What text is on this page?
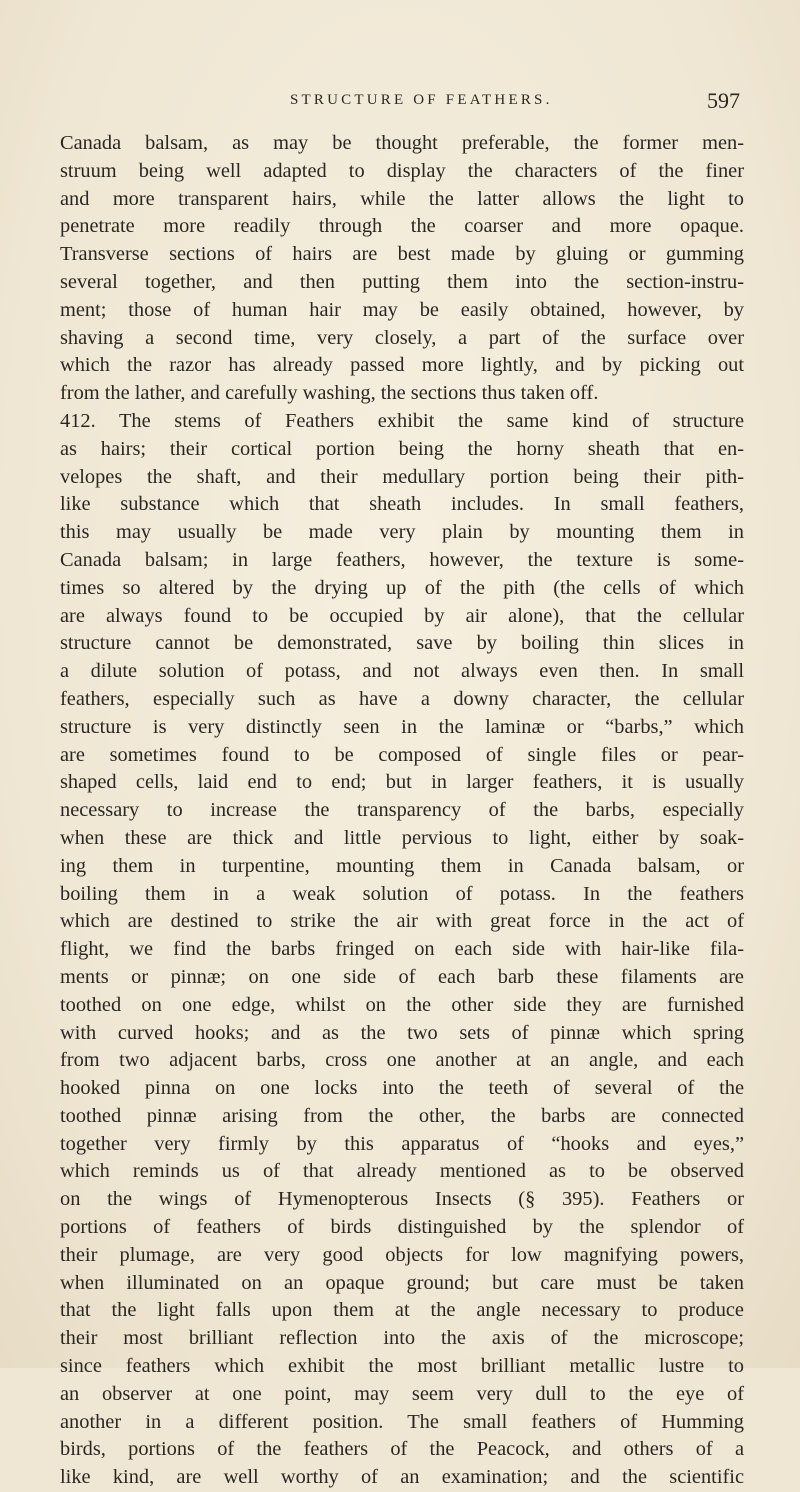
STRUCTURE OF FEATHERS.	597
Canada balsam, as may be thought preferable, the former men-
struum being well adapted to display the characters of the finer
and more transparent hairs, while the latter allows the light to
penetrate more readily through the coarser and more opaque.
Transverse sections of hairs are best made by gluing or gumming
several together, and then putting them into the section-instru-
ment; those of human hair may be easily obtained, however, by
shaving a second time, very closely, a part of the surface over
which the razor has already passed more lightly, and by picking out
from the lather, and carefully washing, the sections thus taken off.
412. The stems of Feathers exhibit the same kind of structure
as hairs; their cortical portion being the horny sheath that en-
velopes the shaft, and their medullary portion being their pith-
like substance which that sheath includes. In small feathers,
this may usually be made very plain by mounting them in
Canada balsam; in large feathers, however, the texture is some-
times so altered by the drying up of the pith (the cells of which
are always found to be occupied by air alone), that the cellular
structure cannot be demonstrated, save by boiling thin slices in
a dilute solution of potass, and not always even then. In small
feathers, especially such as have a downy character, the cellular
structure is very distinctly seen in the laminæ or “barbs,” which
are sometimes found to be composed of single files or pear-
shaped cells, laid end to end; but in larger feathers, it is usually
necessary to increase the transparency of the barbs, especially
when these are thick and little pervious to light, either by soak-
ing them in turpentine, mounting them in Canada balsam, or
boiling them in a weak solution of potass. In the feathers
which are destined to strike the air with great force in the act of
flight, we find the barbs fringed on each side with hair-like fila-
ments or pinnæ; on one side of each barb these filaments are
toothed on one edge, whilst on the other side they are furnished
with curved hooks; and as the two sets of pinnæ which spring
from two adjacent barbs, cross one another at an angle, and each
hooked pinna on one locks into the teeth of several of the
toothed pinnæ arising from the other, the barbs are connected
together very firmly by this apparatus of “hooks and eyes,”
which reminds us of that already mentioned as to be observed
on the wings of Hymenopterous Insects (§ 395). Feathers or
portions of feathers of birds distinguished by the splendor of
their plumage, are very good objects for low magnifying powers,
when illuminated on an opaque ground; but care must be taken
that the light falls upon them at the angle necessary to produce
their most brilliant reflection into the axis of the microscope;
since feathers which exhibit the most brilliant metallic lustre to
an observer at one point, may seem very dull to the eye of
another in a different position. The small feathers of Humming
birds, portions of the feathers of the Peacock, and others of a
like kind, are well worthy of an examination; and the scientific
